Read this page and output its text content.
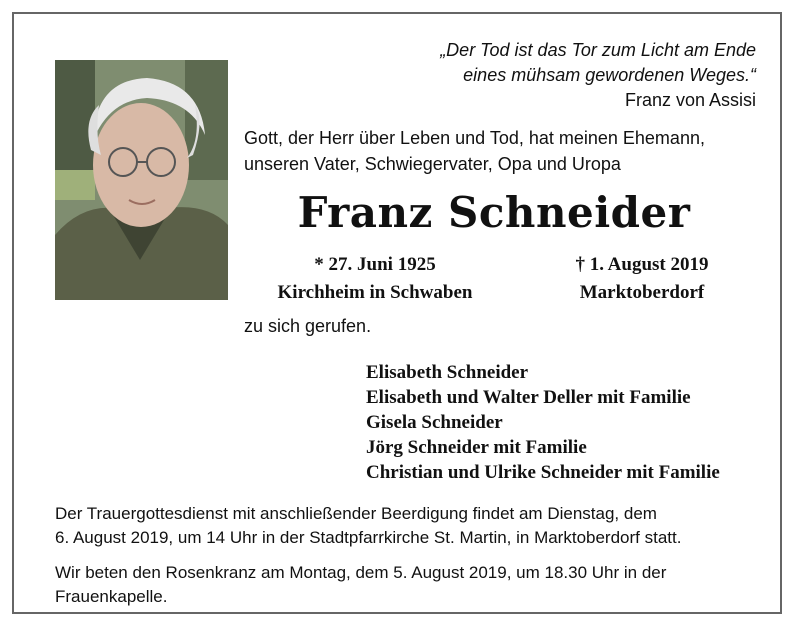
„Der Tod ist das Tor zum Licht am Ende
eines mühsam gewordenen Weges.“
Franz von Assisi
Gott, der Herr über Leben und Tod, hat meinen Ehemann,
unseren Vater, Schwiegervater, Opa und Uropa
Franz Schneider
* 27. Juni 1925
Kirchheim in Schwaben
† 1. August 2019
Marktoberdorf
zu sich gerufen.
Elisabeth Schneider
Elisabeth und Walter Deller mit Familie
Gisela Schneider
Jörg Schneider mit Familie
Christian und Ulrike Schneider mit Familie
Der Trauergottesdienst mit anschließender Beerdigung findet am Dienstag, dem
6. August 2019, um 14 Uhr in der Stadtpfarrkirche St. Martin, in Marktoberdorf statt.
Wir beten den Rosenkranz am Montag, dem 5. August 2019, um 18.30 Uhr in der
Frauenkapelle.
